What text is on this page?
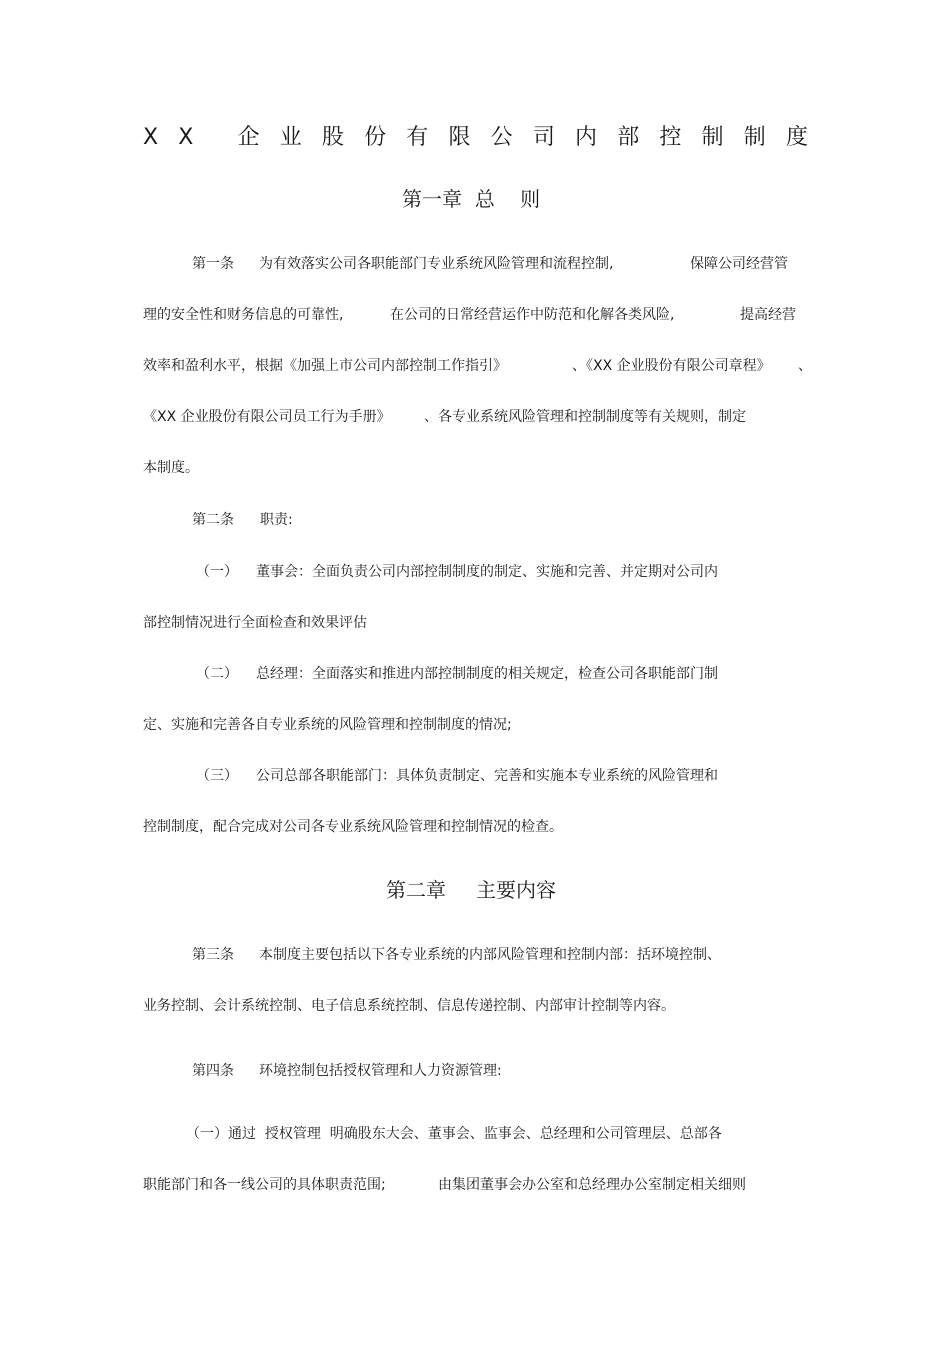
X X 企 业 股 份 有 限 公 司 内 部 控 制 制 度
第一章  总    则
第一条 为有效落实公司各职能部门专业系统风险管理和流程控制,	保障公司经营管
理的安全性和财务信息的可靠性,	在公司的日常经营运作中防范和化解各类风险,	提高经营
效率和盈利水平，根据《加强上市公司内部控制工作指引》	、《XX 企业股份有限公司章程》 、
《XX 企业股份有限公司员工行为手册》 、各专业系统风险管理和控制制度等有关规则，制定
本制度。
第二条 职责:
（一） 董事会：全面负责公司内部控制制度的制定、实施和完善、并定期对公司内
部控制情况进行全面检查和效果评估
（二） 总经理：全面落实和推进内部控制制度的相关规定，检查公司各职能部门制
定、实施和完善各自专业系统的风险管理和控制制度的情况;
（三） 公司总部各职能部门：具体负责制定、完善和实施本专业系统的风险管理和
控制制度，配合完成对公司各专业系统风险管理和控制情况的检查。
第二章 主要内容
第三条 本制度主要包括以下各专业系统的内部风险管理和控制内部：括环境控制、
业务控制、会计系统控制、电子信息系统控制、信息传递控制、内部审计控制等内容。
第四条 环境控制包括授权管理和人力资源管理:
（一）通过  授权管理  明确股东大会、董事会、监事会、总经理和公司管理层、总部各
职能部门和各一线公司的具体职责范围;	由集团董事会办公室和总经理办公室制定相关细则
